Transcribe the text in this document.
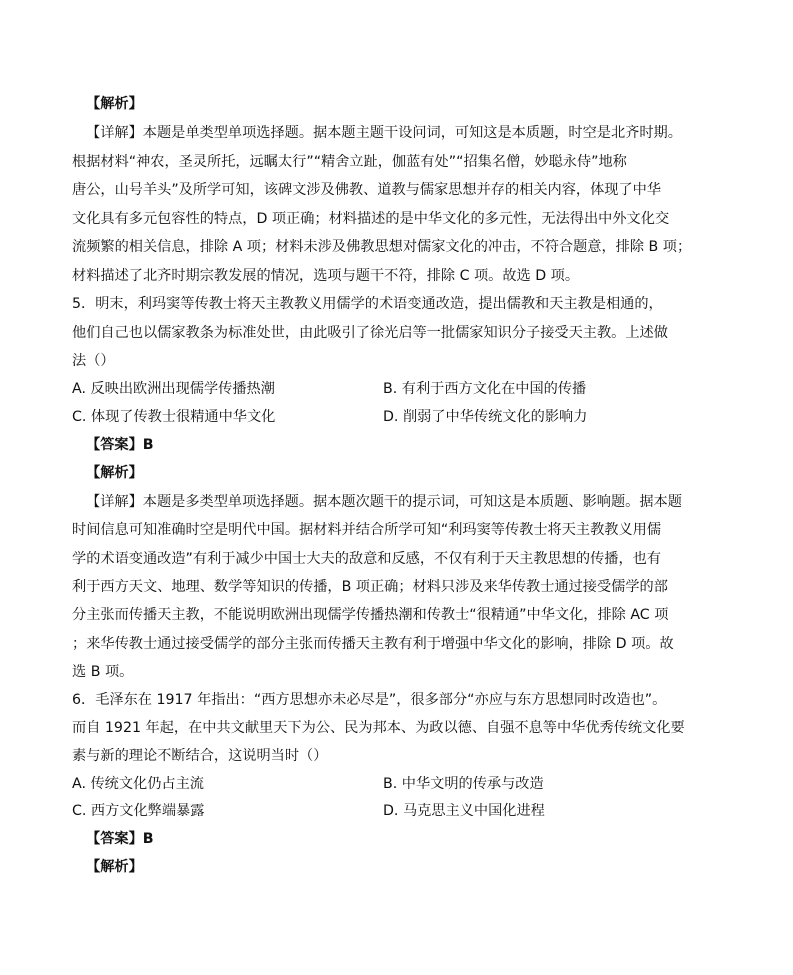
【解析】
【详解】本题是单类型单项选择题。据本题主题干设问词，可知这是本质题，时空是北齐时期。
根据材料“神农，圣灵所托，远瞩太行”“精舍立趾，伽蓝有处”“招集名僧，妙聪永侍”地称
唐公，山号羊头”及所学可知，该碑文涉及佛教、道教与儒家思想并存的相关内容，体现了中华
文化具有多元包容性的特点，D 项正确；材料描述的是中华文化的多元性，无法得出中外文化交
流频繁的相关信息，排除 A 项；材料未涉及佛教思想对儒家文化的冲击，不符合题意，排除 B 项；
材料描述了北齐时期宗教发展的情况，选项与题干不符，排除 C 项。故选 D 项。
5．明末，利玛窦等传教士将天主教教义用儒学的术语变通改造，提出儒教和天主教是相通的，
他们自己也以儒家教条为标准处世，由此吸引了徐光启等一批儒家知识分子接受天主教。上述做
法（）
A. 反映出欧洲出现儒学传播热潮	B. 有利于西方文化在中国的传播
C. 体现了传教士很精通中华文化	D. 削弱了中华传统文化的影响力
【答案】B
【解析】
【详解】本题是多类型单项选择题。据本题次题干的提示词，可知这是本质题、影响题。据本题
时间信息可知准确时空是明代中国。据材料并结合所学可知“利玛窦等传教士将天主教教义用儒
学的术语变通改造”有利于减少中国士大夫的敌意和反感，不仅有利于天主教思想的传播，也有
利于西方天文、地理、数学等知识的传播，B 项正确；材料只涉及来华传教士通过接受儒学的部
分主张而传播天主教，不能说明欧洲出现儒学传播热潮和传教士“很精通”中华文化，排除 AC 项
；来华传教士通过接受儒学的部分主张而传播天主教有利于增强中华文化的影响，排除 D 项。故
选 B 项。
6．毛泽东在 1917 年指出：“西方思想亦未必尽是”，很多部分“亦应与东方思想同时改造也”。
而自 1921 年起，在中共文献里天下为公、民为邦本、为政以德、自强不息等中华优秀传统文化要
素与新的理论不断结合，这说明当时（）
A. 传统文化仍占主流	B. 中华文明的传承与改造
C. 西方文化弊端暴露	D. 马克思主义中国化进程
【答案】B
【解析】
